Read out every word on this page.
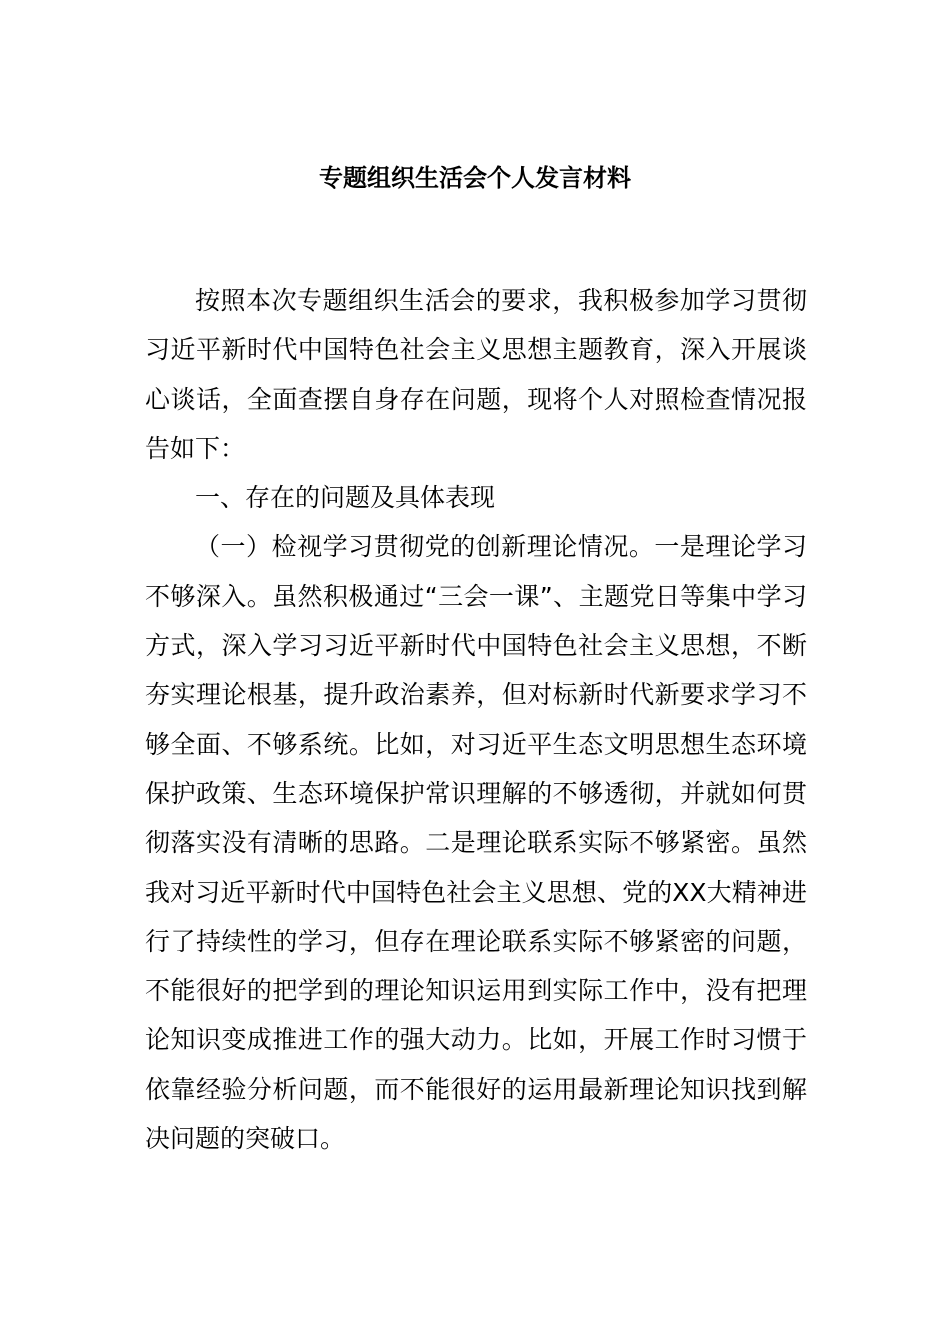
专题组织生活会个人发言材料

按照本次专题组织生活会的要求，我积极参加学习贯彻习近平新时代中国特色社会主义思想主题教育，深入开展谈心谈话，全面查摆自身存在问题，现将个人对照检查情况报告如下：

一、存在的问题及具体表现

（一）检视学习贯彻党的创新理论情况。一是理论学习不够深入。虽然积极通过“三会一课”、主题党日等集中学习方式，深入学习习近平新时代中国特色社会主义思想，不断夯实理论根基，提升政治素养，但对标新时代新要求学习不够全面、不够系统。比如，对习近平生态文明思想生态环境保护政策、生态环境保护常识理解的不够透彻，并就如何贯彻落实没有清晰的思路。二是理论联系实际不够紧密。虽然我对习近平新时代中国特色社会主义思想、党的XX大精神进行了持续性的学习，但存在理论联系实际不够紧密的问题，不能很好的把学到的理论知识运用到实际工作中，没有把理论知识变成推进工作的强大动力。比如，开展工作时习惯于依靠经验分析问题，而不能很好的运用最新理论知识找到解决问题的突破口。
